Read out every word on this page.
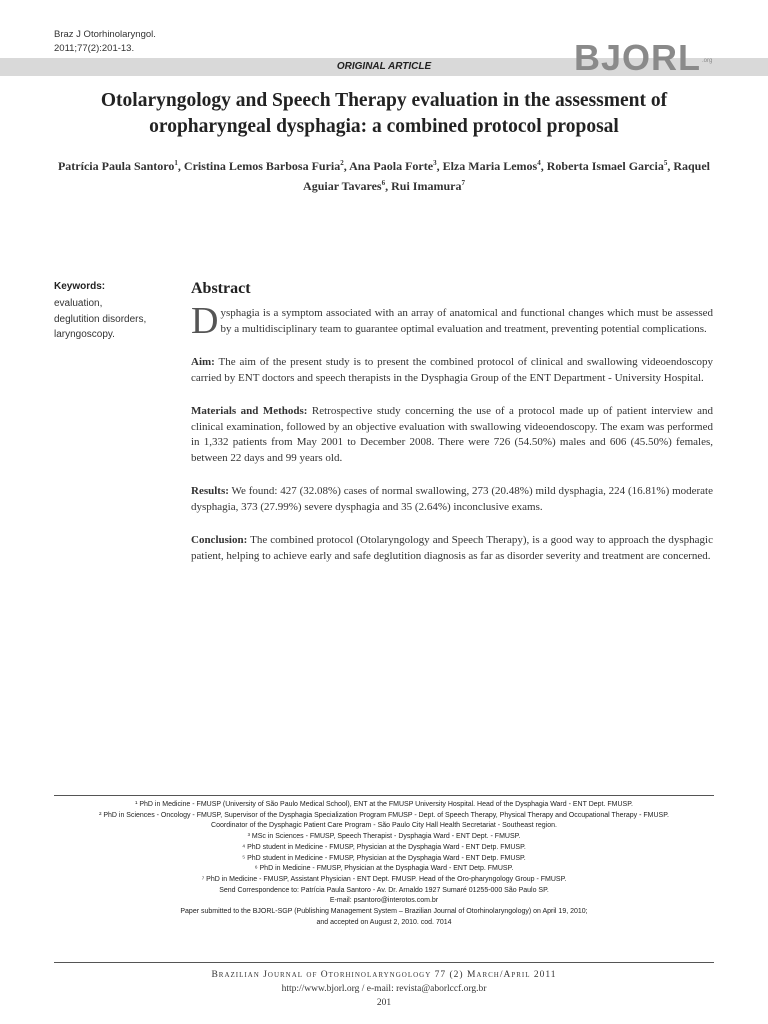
Braz J Otorhinolaryngol.
2011;77(2):201-13.
ORIGINAL ARTICLE	BJORL .org
Otolaryngology and Speech Therapy evaluation in the assessment of oropharyngeal dysphagia: a combined protocol proposal
Patrícia Paula Santoro$^1$, Cristina Lemos Barbosa Furia$^2$, Ana Paola Forte$^3$, Elza Maria Lemos$^4$, Roberta Ismael Garcia$^5$, Raquel Aguiar Tavares$^6$, Rui Imamura$^7$
Keywords:
evaluation,
deglutition disorders,
laryngoscopy.
Abstract

Dysphagia is a symptom associated with an array of anatomical and functional changes which must be assessed by a multidisciplinary team to guarantee optimal evaluation and treatment, preventing potential complications.

Aim: The aim of the present study is to present the combined protocol of clinical and swallowing videoendoscopy carried by ENT doctors and speech therapists in the Dysphagia Group of the ENT Department - University Hospital.

Materials and Methods: Retrospective study concerning the use of a protocol made up of patient interview and clinical examination, followed by an objective evaluation with swallowing videoendoscopy. The exam was performed in 1,332 patients from May 2001 to December 2008. There were 726 (54.50%) males and 606 (45.50%) females, between 22 days and 99 years old.

Results: We found: 427 (32.08%) cases of normal swallowing, 273 (20.48%) mild dysphagia, 224 (16.81%) moderate dysphagia, 373 (27.99%) severe dysphagia and 35 (2.64%) inconclusive exams.

Conclusion: The combined protocol (Otolaryngology and Speech Therapy), is a good way to approach the dysphagic patient, helping to achieve early and safe deglutition diagnosis as far as disorder severity and treatment are concerned.

¹ PhD in Medicine - FMUSP (University of São Paulo Medical School), ENT at the FMUSP University Hospital. Head of the Dysphagia Ward - ENT Dept. FMUSP.
² PhD in Sciences - Oncology - FMUSP, Supervisor of the Dysphagia Specialization Program FMUSP - Dept. of Speech Therapy, Physical Therapy and Occupational Therapy - FMUSP.
Coordinator of the Dysphagic Patient Care Program - São Paulo City Hall Health Secretariat - Southeast region.
³ MSc in Sciences - FMUSP, Speech Therapist - Dysphagia Ward - ENT Dept. - FMUSP.
⁴ PhD student in Medicine - FMUSP, Physician at the Dysphagia Ward - ENT Detp. FMUSP.
⁵ PhD student in Medicine - FMUSP, Physician at the Dysphagia Ward - ENT Detp. FMUSP.
⁶ PhD in Medicine - FMUSP, Physician at the Dysphagia Ward - ENT Detp. FMUSP.
⁷ PhD in Medicine - FMUSP, Assistant Physician - ENT Dept. FMUSP. Head of the Oro-pharyngology Group - FMUSP.
Send Correspondence to: Patrícia Paula Santoro - Av. Dr. Arnaldo 1927 Sumaré 01255-000 São Paulo SP.
E-mail: psantoro@interotos.com.br
Paper submitted to the BJORL-SGP (Publishing Management System – Brazilian Journal of Otorhinolaryngology) on April 19, 2010;
and accepted on August 2, 2010. cod. 7014
Brazilian Journal of Otorhinolaryngology 77 (2) March/April 2011
http://www.bjorl.org / e-mail: revista@aborlccf.org.br
201
